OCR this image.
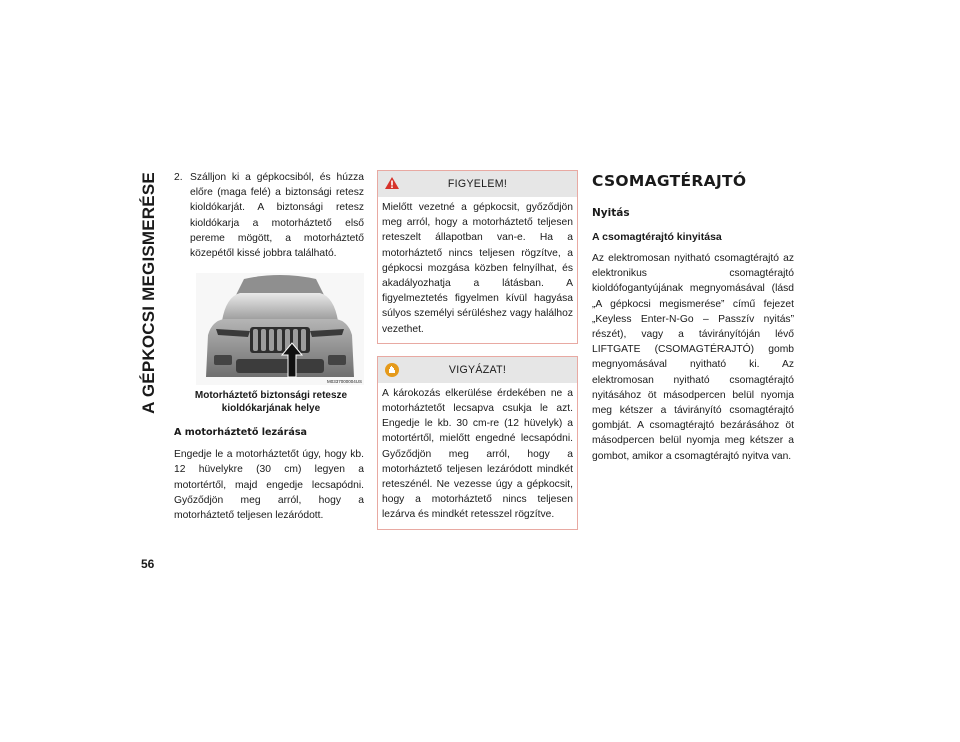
A GÉPKOCSI MEGISMERÉSE
56
2. Szálljon ki a gépkocsiból, és húzza előre (maga felé) a biztonsági retesz kioldókarját. A biztonsági retesz kioldókarja a motorháztető első pereme mögött, a motorháztető közepétől kissé jobbra található.
M0337000004US
Motorháztető biztonsági retesze kioldókarjának helye
A motorháztető lezárása
Engedje le a motorháztetőt úgy, hogy kb. 12 hüvelykre (30 cm) legyen a motortértől, majd engedje lecsapódni. Győződjön meg arról, hogy a motorháztető teljesen lezáródott.
FIGYELEM!
Mielőtt vezetné a gépkocsit, győződjön meg arról, hogy a motorháztető teljesen reteszelt állapotban van-e. Ha a motorháztető nincs teljesen rögzítve, a gépkocsi mozgása közben felnyílhat, és akadályozhatja a látásban. A figyelmeztetés figyelmen kívül hagyása súlyos személyi sérüléshez vagy halálhoz vezethet.
VIGYÁZAT!
A károkozás elkerülése érdekében ne a motorháztetőt lecsapva csukja le azt. Engedje le kb. 30 cm-re (12 hüvelyk) a motortértől, mielőtt engedné lecsapódni. Győződjön meg arról, hogy a motorháztető teljesen lezáródott mindkét reteszénél. Ne vezesse úgy a gépkocsit, hogy a motorháztető nincs teljesen lezárva és mindkét retesszel rögzítve.
CSOMAGTÉRAJTÓ
Nyitás
A csomagtérajtó kinyitása
Az elektromosan nyitható csomagtérajtó az elektronikus csomagtérajtó kioldófogantyújának megnyomásával (lásd „A gépkocsi megismerése” című fejezet „Keyless Enter-N-Go – Passzív nyitás” részét), vagy a távirányítóján lévő LIFTGATE (CSOMAGTÉRAJTÓ) gomb megnyomásával nyitható ki. Az elektromosan nyitható csomagtérajtó nyitásához öt másodpercen belül nyomja meg kétszer a távirányító csomagtérajtó gombját. A csomagtérajtó bezárásához öt másodpercen belül nyomja meg kétszer a gombot, amikor a csomagtérajtó nyitva van.
